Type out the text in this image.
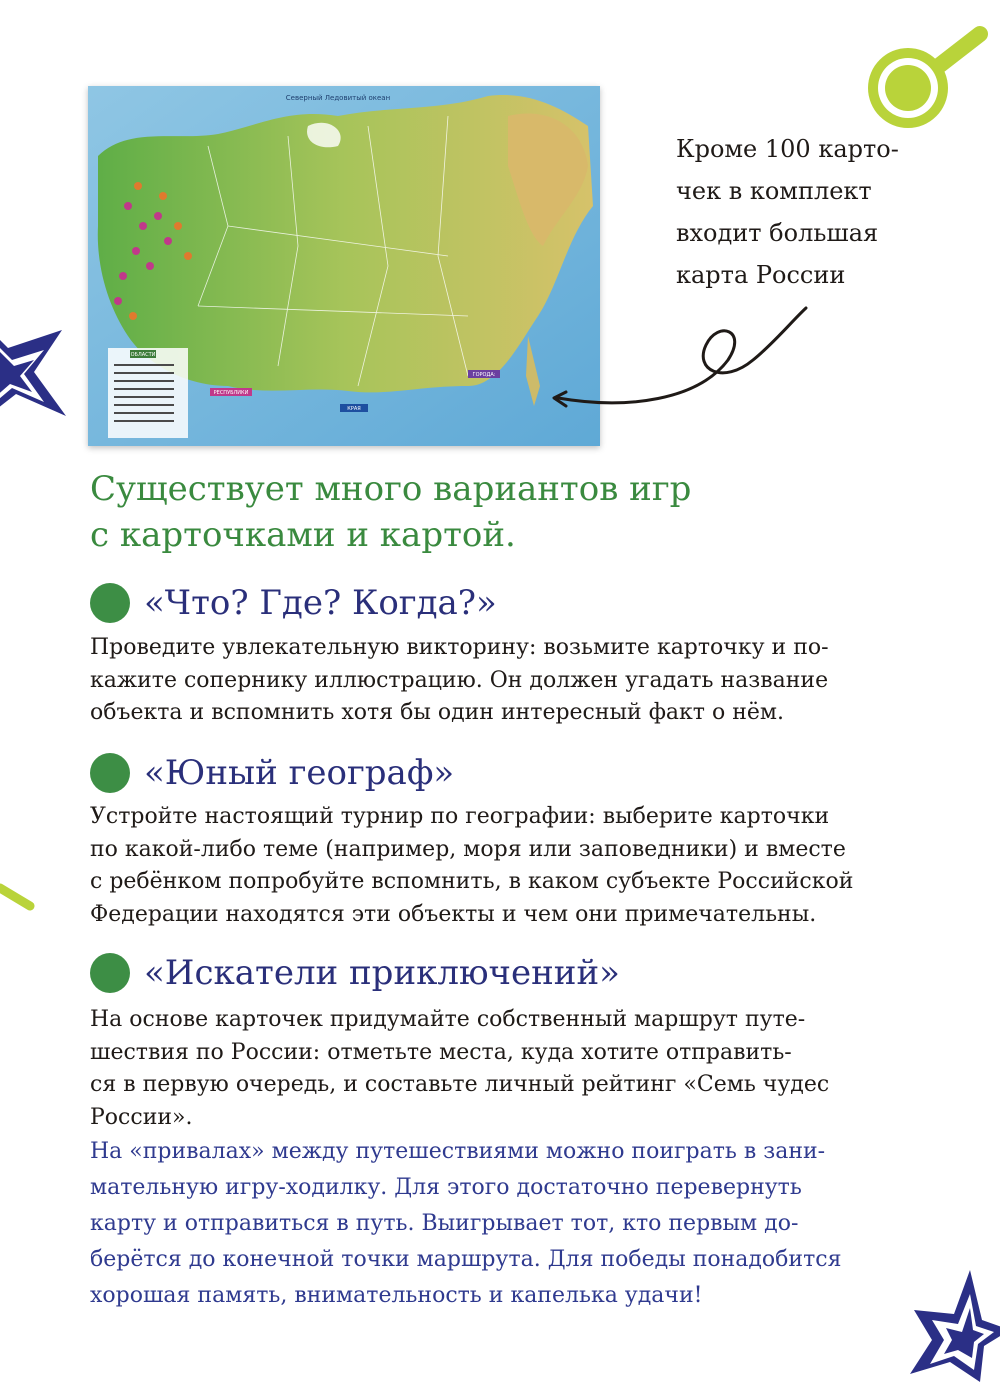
Северный Ледовитый океан
ОБЛАСТИ
РЕСПУБЛИКИ
КРАЯ
ГОРОДА:
Кроме 100 карто-
чек в комплект
входит большая
карта России
Существует много вариантов игр
с карточками и картой.
«Что? Где? Когда?»
Проведите увлекательную викторину: возьмите карточку и по-
кажите сопернику иллюстрацию. Он должен угадать название
объекта и вспомнить хотя бы один интересный факт о нём.
«Юный географ»
Устройте настоящий турнир по географии: выберите карточки
по какой-либо теме (например, моря или заповедники) и вместе
с ребёнком попробуйте вспомнить, в каком субъекте Российской
Федерации находятся эти объекты и чем они примечательны.
«Искатели приключений»
На основе карточек придумайте собственный маршрут путе-
шествия по России: отметьте места, куда хотите отправить-
ся в первую очередь, и составьте личный рейтинг «Семь чудес
России».
На «привалах» между путешествиями можно поиграть в зани-
мательную игру-ходилку. Для этого достаточно перевернуть
карту и отправиться в путь. Выигрывает тот, кто первым до-
берётся до конечной точки маршрута. Для победы понадобится
хорошая память, внимательность и капелька удачи!
